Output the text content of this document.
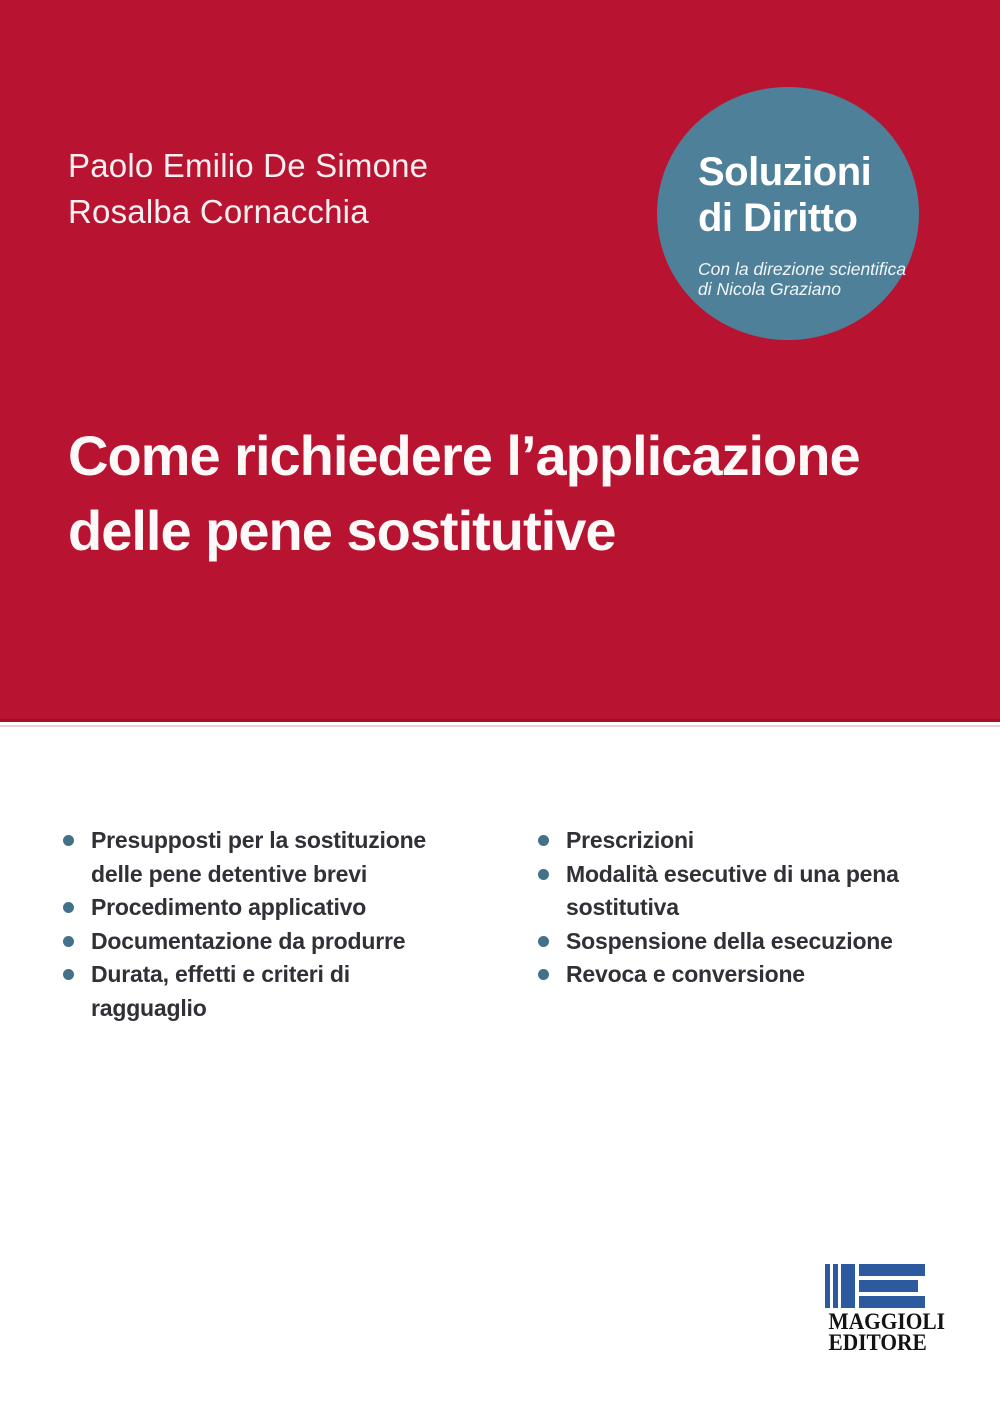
Paolo Emilio De Simone
Rosalba Cornacchia
Soluzioni
di Diritto
Con la direzione scientifica
di Nicola Graziano
Come richiedere l’applicazione
delle pene sostitutive
Presupposti per la sostituzione delle pene detentive brevi
Procedimento applicativo
Documentazione da produrre
Durata, effetti e criteri di ragguaglio
Prescrizioni
Modalità esecutive di una pena sostitutiva
Sospensione della esecuzione
Revoca e conversione
MAGGIOLI
EDITORE
